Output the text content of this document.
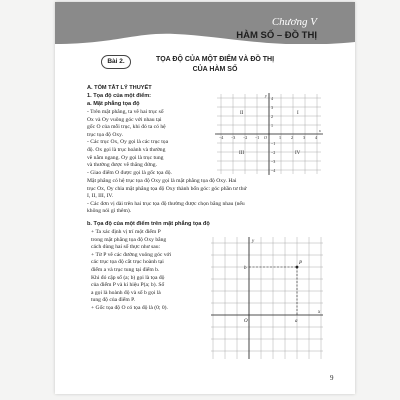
Chương V
HÀM SỐ – ĐỒ THỊ
Bài 2.	TỌA ĐỘ CỦA MỘT ĐIỂM VÀ ĐỒ THỊ
CỦA HÀM SỐ
A. TÓM TẮT LÝ THUYẾT
1. Tọa độ của một điểm:
a. Mặt phẳng tọa độ
- Trên mặt phẳng, ta vẽ hai trục số
Ox và Oy vuông góc với nhau tại
gốc O của mỗi trục, khi đó ta có hệ
trục tọa độ Oxy.
- Các trục Ox, Oy gọi là các trục tọa
độ. Ox gọi là trục hoành và thường
vẽ nằm ngang. Oy gọi là trục tung
và thường được vẽ thẳng đứng.
- Giao điểm O được gọi là gốc tọa độ.
Mặt phẳng có hệ trục tọa độ Oxy gọi là mặt phẳng tọa độ Oxy. Hai
trục Ox, Oy chia mặt phẳng tọa độ Oxy thành bốn góc: góc phần tư thứ
I, II, III, IV.
- Các đơn vị dài trên hai trục tọa độ thường được chọn bằng nhau (nếu
không nói gì thêm).
−4 −3 −2 −1	1	2	3	4
4
3
2
1
−1
−2
−3
−4
O
x
y
I
II
III	IV
b. Tọa độ của một điểm trên mặt phẳng tọa độ
+ Ta xác định vị trí một điểm P
trong mặt phẳng tọa độ Oxy bằng
cách dùng hai số thực như sau:
+ Từ P vẽ các đường vuông góc với
các trục tọa độ cắt trục hoành tại
điểm a và trục tung tại điểm b.
Khi đó cặp số (a; b) gọi là tọa độ
của điểm P và kí hiệu P(a; b). Số
a gọi là hoành độ và số b gọi là
tung độ của điểm P.
+ Gốc tọa độ O có tọa độ là (0; 0).
P
a
b
O
x
y
9
